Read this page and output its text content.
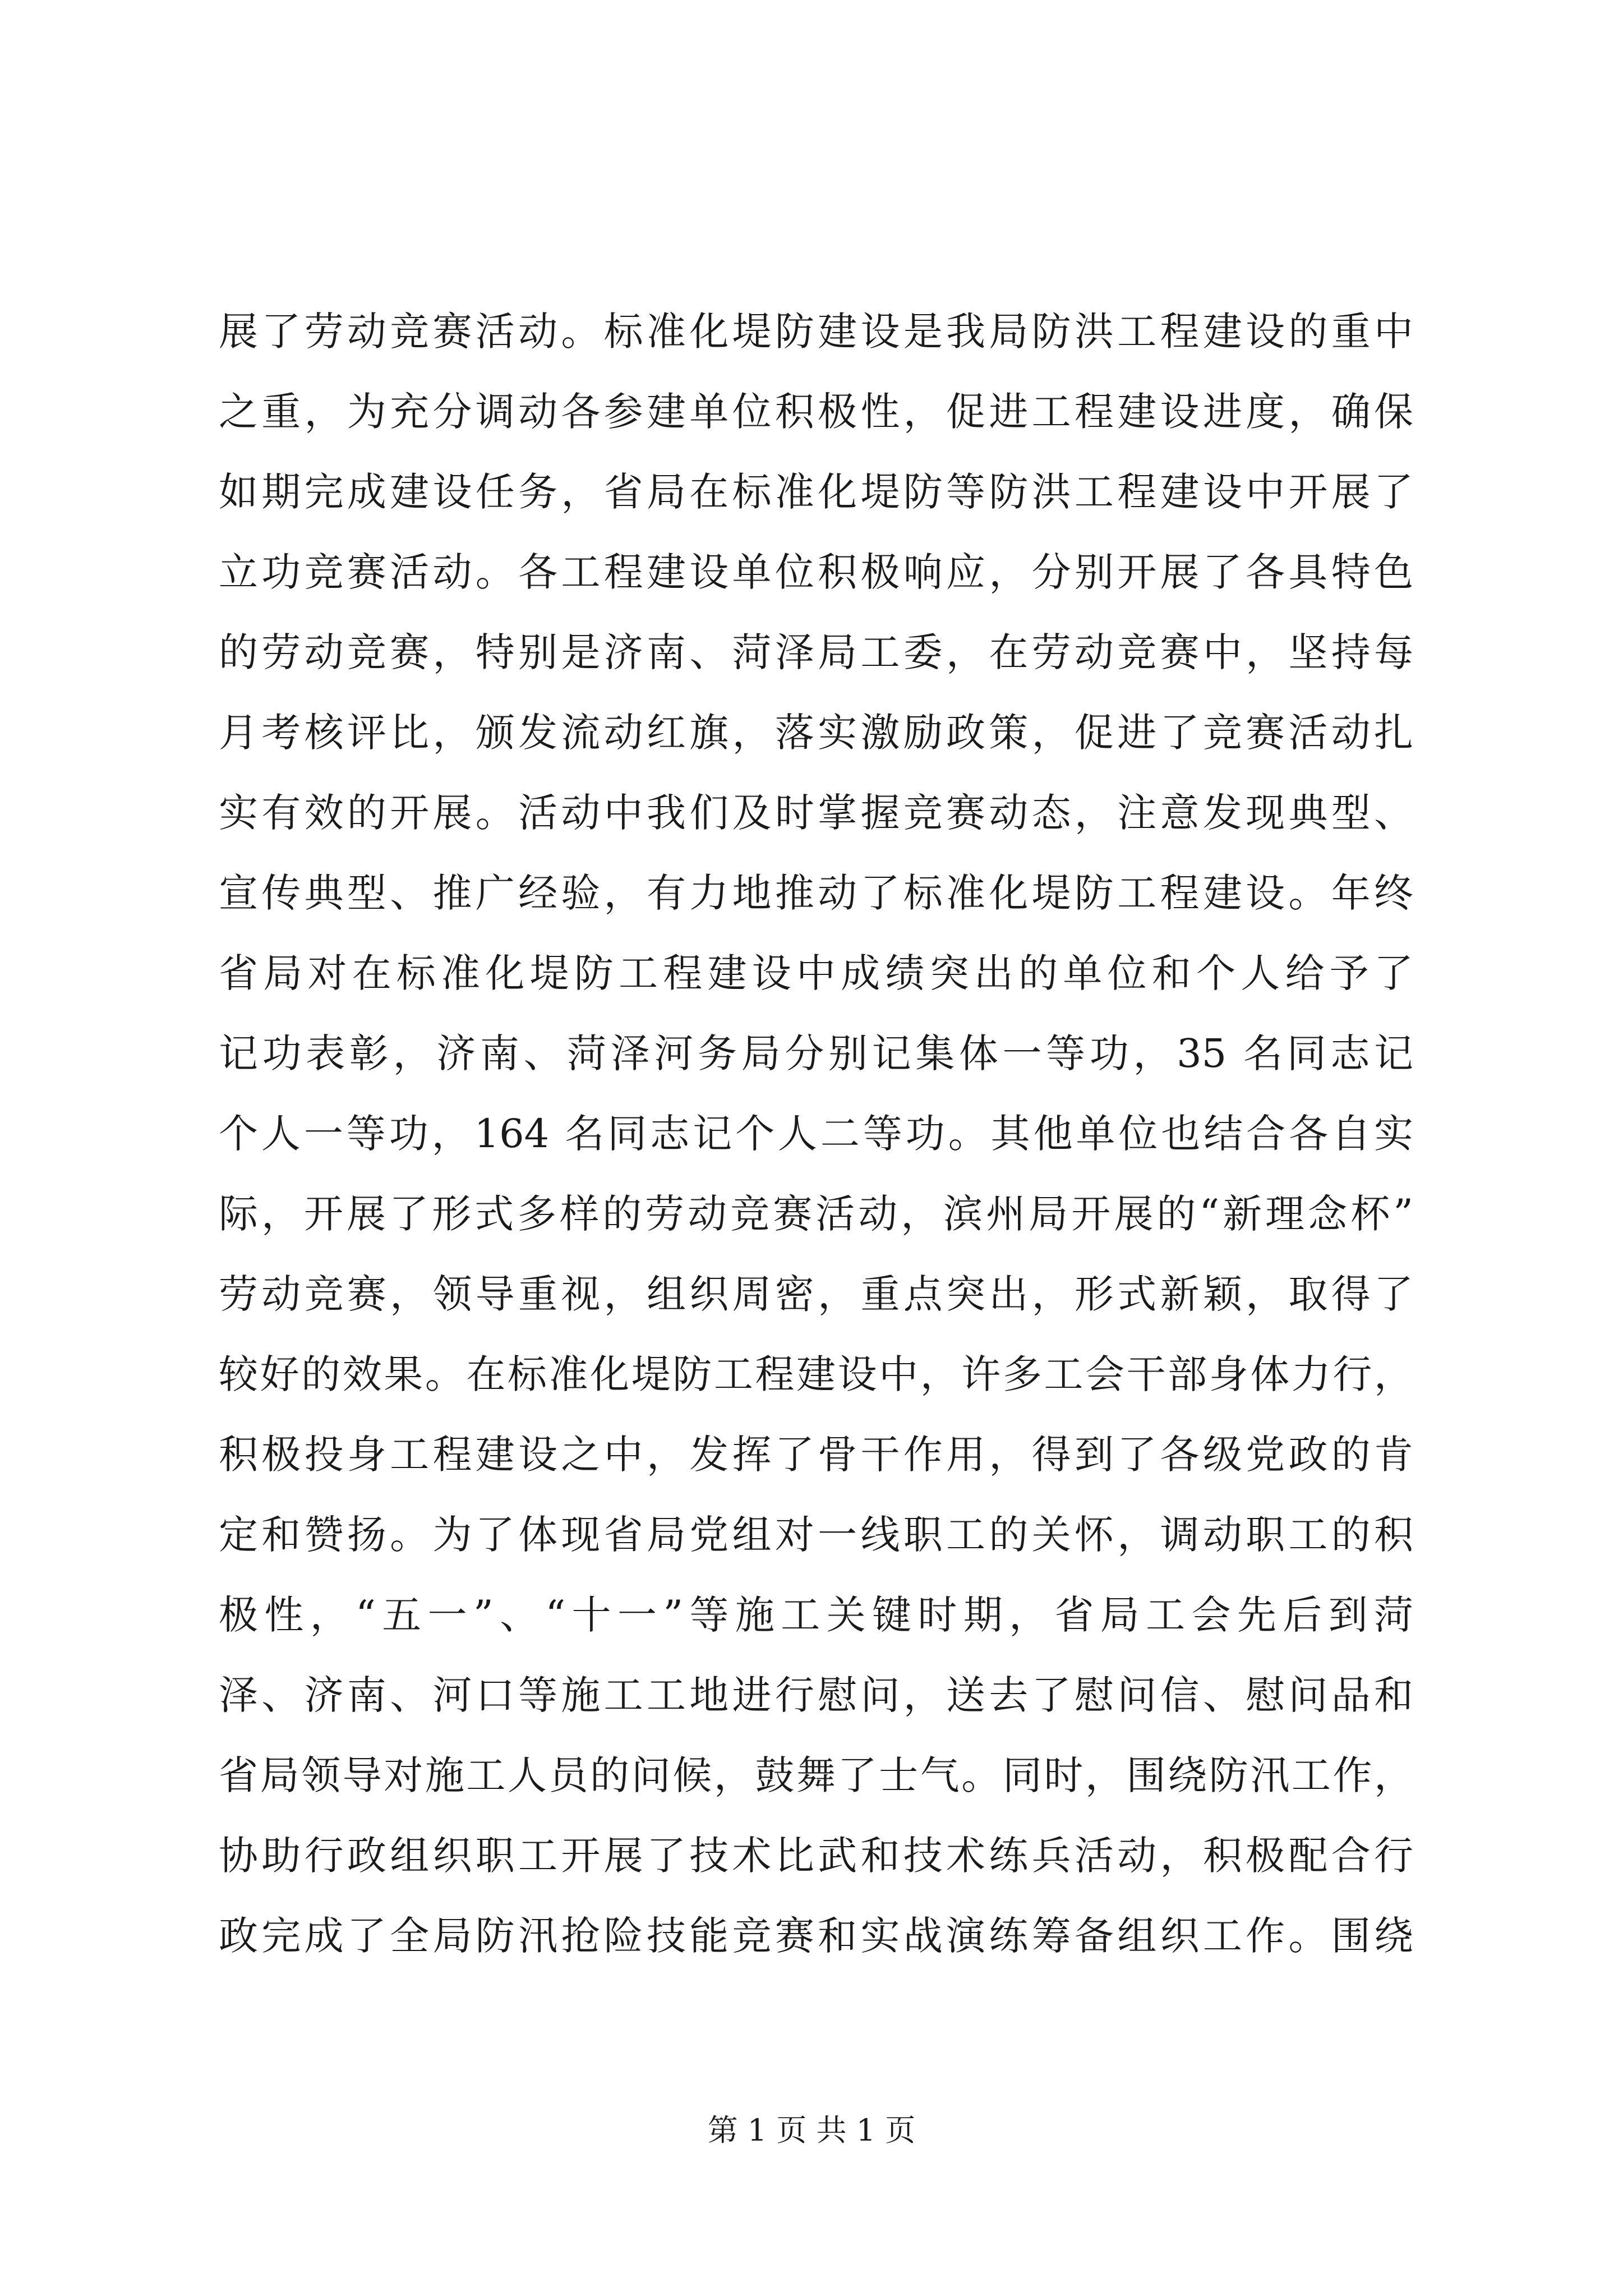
展了劳动竞赛活动。标准化堤防建设是我局防洪工程建设的重中
之重，为充分调动各参建单位积极性，促进工程建设进度，确保
如期完成建设任务，省局在标准化堤防等防洪工程建设中开展了
立功竞赛活动。各工程建设单位积极响应，分别开展了各具特色
的劳动竞赛，特别是济南、菏泽局工委，在劳动竞赛中，坚持每
月考核评比，颁发流动红旗，落实激励政策，促进了竞赛活动扎
实有效的开展。活动中我们及时掌握竞赛动态，注意发现典型、
宣传典型、推广经验，有力地推动了标准化堤防工程建设。年终
省局对在标准化堤防工程建设中成绩突出的单位和个人给予了
记功表彰，济南、菏泽河务局分别记集体一等功，35 名同志记
个人一等功，164 名同志记个人二等功。其他单位也结合各自实
际，开展了形式多样的劳动竞赛活动，滨州局开展的“新理念杯”
劳动竞赛，领导重视，组织周密，重点突出，形式新颖，取得了
较好的效果。在标准化堤防工程建设中，许多工会干部身体力行，
积极投身工程建设之中，发挥了骨干作用，得到了各级党政的肯
定和赞扬。为了体现省局党组对一线职工的关怀，调动职工的积
极性，“五一”、“十一”等施工关键时期，省局工会先后到菏
泽、济南、河口等施工工地进行慰问，送去了慰问信、慰问品和
省局领导对施工人员的问候，鼓舞了士气。同时，围绕防汛工作，
协助行政组织职工开展了技术比武和技术练兵活动，积极配合行
政完成了全局防汛抢险技能竞赛和实战演练筹备组织工作。围绕
第 1 页 共 1 页
